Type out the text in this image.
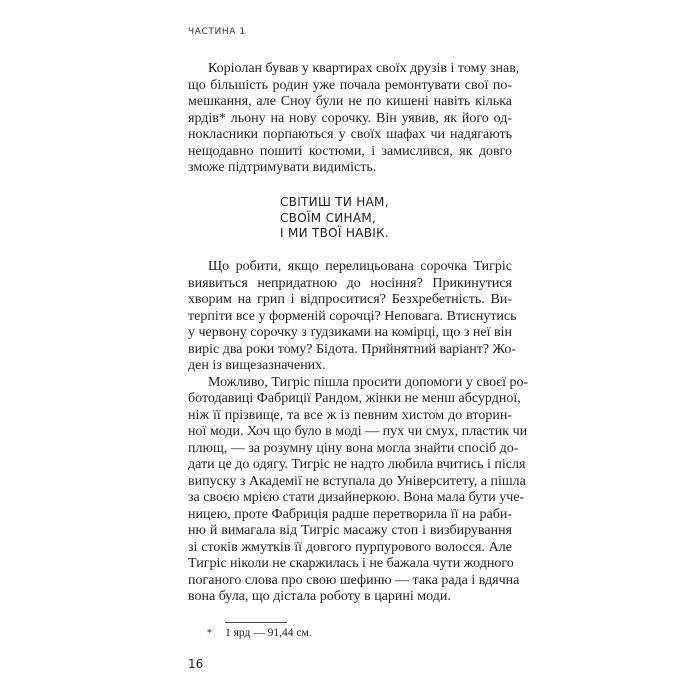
ЧАСТИНА 1
Коріолан бував у квартирах своїх друзів і тому знав,
що більшість родин уже почала ремонтувати свої по-
мешкання, але Сноу були не по кишені навіть кілька
ярдів* льону на нову сорочку. Він уявив, як його од-
нокласники порпаються у своїх шафах чи надягають
нещодавно пошиті костюми, і замислився, як довго
зможе підтримувати видимість.
СВІТИШ ТИ НАМ,
СВОЇМ СИНАМ,
І МИ ТВОЇ НАВІК.
Що робити, якщо перелицьована сорочка Тигріс
виявиться непридатною до носіння? Прикинутися
хворим на грип і відпроситися? Безхребетність. Ви-
терпіти все у форменій сорочці? Неповага. Втиснутись
у червону сорочку з ґудзиками на комірці, що з неї він
виріс два роки тому? Бідота. Прийнятний варіант? Жо-
ден із вищезазначених.
Можливо, Тигріс пішла просити допомоги у своєї ро-
ботодавиці Фабриції Рандом, жінки не менш абсурдної,
ніж її прізвище, та все ж із певним хистом до вторин-
ної моди. Хоч що було в моді — пух чи смух, пластик чи
плющ, — за розумну ціну вона могла знайти спосіб до-
дати це до одягу. Тигріс не надто любила вчитись і після
випуску з Академії не вступала до Університету, а пішла
за своєю мрією стати дизайнеркою. Вона мала бути уче-
ницею, проте Фабриція радше перетворила її на раби-
ню й вимагала від Тигріс масажу стоп і визбирування
зі стоків жмутків її довгого пурпурового волосся. Але
Тигріс ніколи не скаржилась і не бажала чути жодного
поганого слова про свою шефиню — така рада і вдячна
вона була, що дістала роботу в царині моди.
* 1 ярд — 91,44 см.
16
